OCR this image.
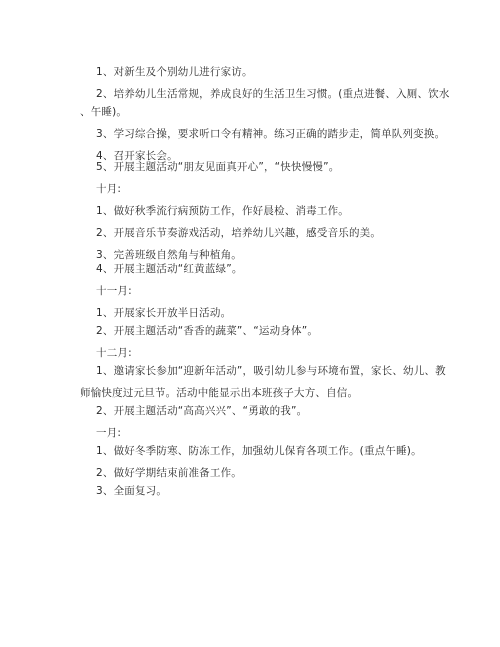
1、对新生及个别幼儿进行家访。
2、培养幼儿生活常规，养成良好的生活卫生习惯。(重点进餐、入厕、饮水
、午睡)。
3、学习综合操，要求听口令有精神。练习正确的踏步走，简单队列变换。
4、召开家长会。
5、开展主题活动“朋友见面真开心”，“快快慢慢”。
十月:
1、做好秋季流行病预防工作，作好晨检、消毒工作。
2、开展音乐节奏游戏活动，培养幼儿兴趣，感受音乐的美。
3、完善班级自然角与种植角。
4、开展主题活动“红黄蓝绿”。
十一月:
1、开展家长开放半日活动。
2、开展主题活动“香香的蔬菜”、“运动身体”。
十二月:
1、邀请家长参加“迎新年活动”，吸引幼儿参与环境布置，家长、幼儿、教
师愉快度过元旦节。活动中能显示出本班孩子大方、自信。
2、开展主题活动“高高兴兴”、“勇敢的我”。
一月:
1、做好冬季防寒、防冻工作，加强幼儿保育各项工作。(重点午睡)。
2、做好学期结束前准备工作。
3、全面复习。
